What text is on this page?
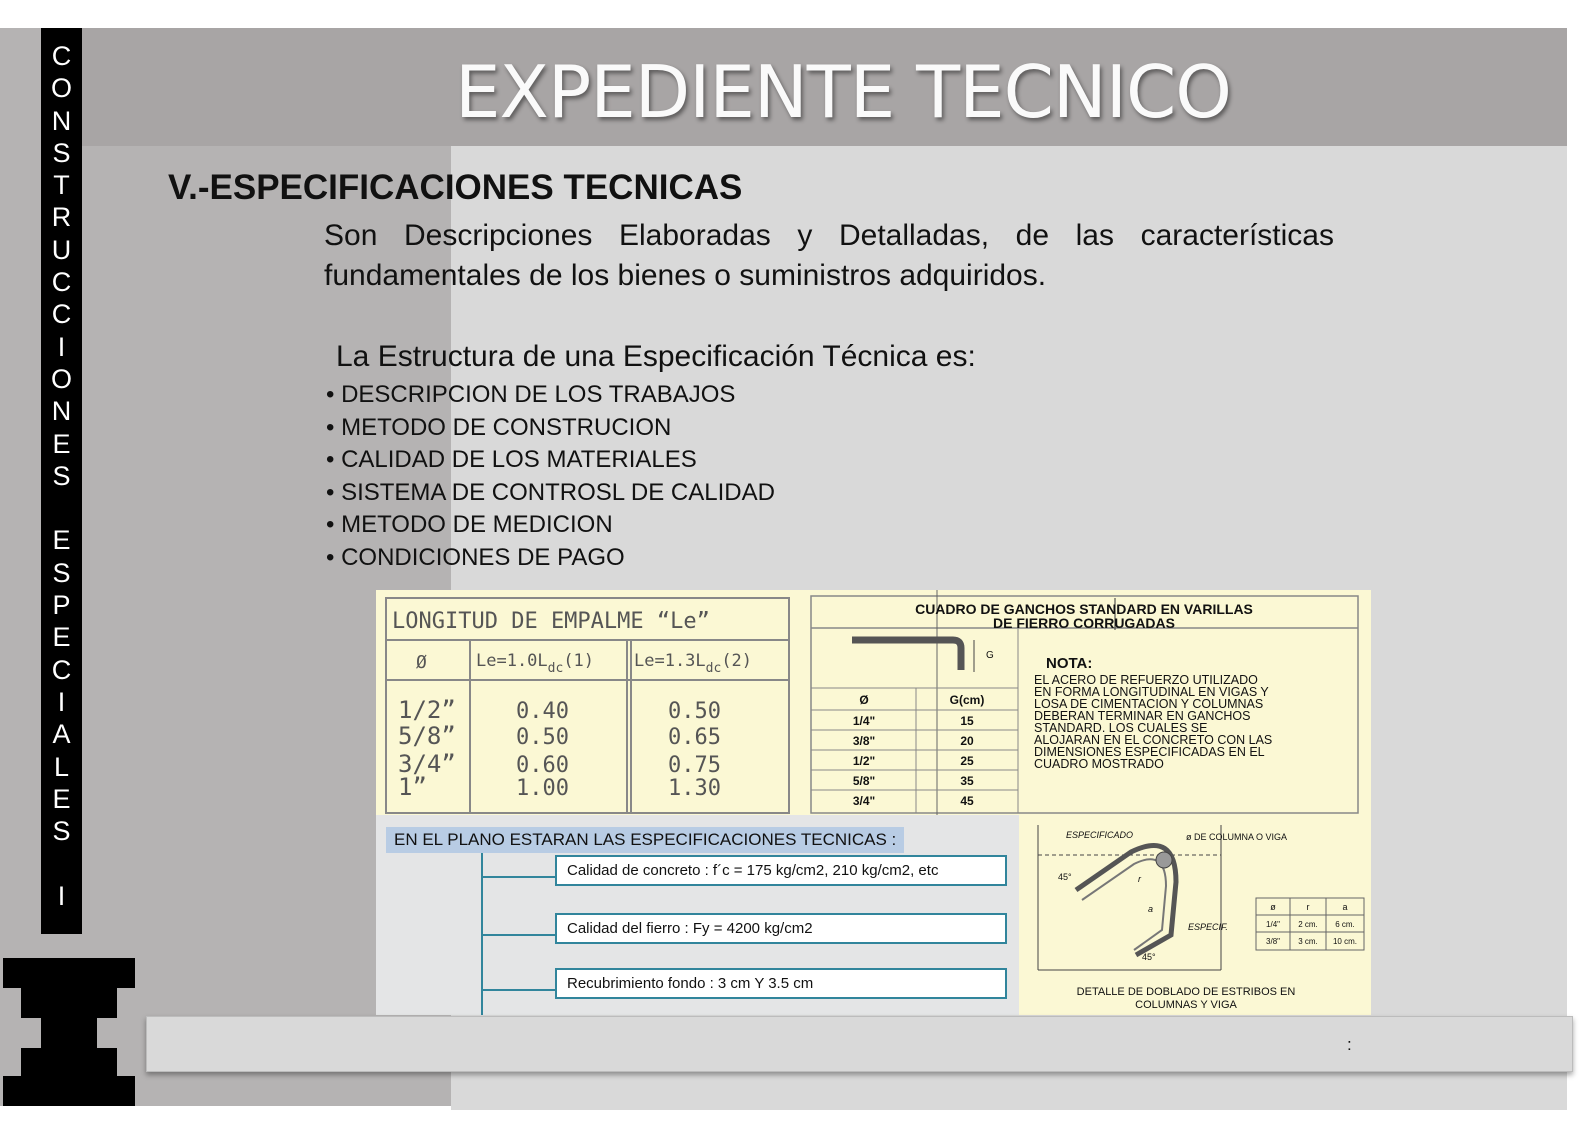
EXPEDIENTE TECNICO
C
O
N
S
T
R
U
C
C
I
O
N
E
S

E
S
P
E
C
I
A
L
E
S

I
V.-ESPECIFICACIONES TECNICAS
Son Descripciones Elaboradas y Detalladas, de las características fundamentales de los bienes o suministros adquiridos.
La Estructura de una Especificación Técnica es:
• DESCRIPCION DE LOS TRABAJOS
• METODO DE CONSTRUCION
• CALIDAD DE LOS MATERIALES
• SISTEMA DE CONTROSL DE CALIDAD
• METODO DE MEDICION
• CONDICIONES DE PAGO
LONGITUD DE EMPALME “Le”
Ø	$Le=1.0L_{dc}(1)$ $Le=1.3L_{dc}(2)$
1/2”	0.40	0.50
5/8”	0.50	0.65
3/4”	0.60	0.75
1”	1.00	1.30
CUADRO DE GANCHOS STANDARD EN VARILLAS
DE FIERRO CORRUGADAS
G
Ø	G(cm)
1/4"	15
3/8"	20
1/2"	25
5/8"	35
3/4"	45
NOTA:
EL ACERO DE REFUERZO UTILIZADO
EN FORMA LONGITUDINAL EN VIGAS Y
LOSA DE CIMENTACION Y COLUMNAS
DEBERAN TERMINAR EN GANCHOS
STANDARD. LOS CUALES SE
ALOJARAN EN EL CONCRETO CON LAS
DIMENSIONES ESPECIFICADAS EN EL
CUADRO MOSTRADO
ESPECIFICADO	ø DE COLUMNA O VIGA
ESPECIF.
45°
45°
r
a	ø	r	a
1/4" 2 cm. 6 cm.
3/8" 3 cm. 10 cm.
DETALLE DE DOBLADO DE ESTRIBOS EN
COLUMNAS Y VIGA
EN EL PLANO ESTARAN LAS ESPECIFICACIONES TECNICAS :
Calidad de concreto : f´c = 175 kg/cm2, 210 kg/cm2, etc
Calidad del fierro : Fy = 4200 kg/cm2
Recubrimiento fondo : 3 cm Y 3.5 cm
:
